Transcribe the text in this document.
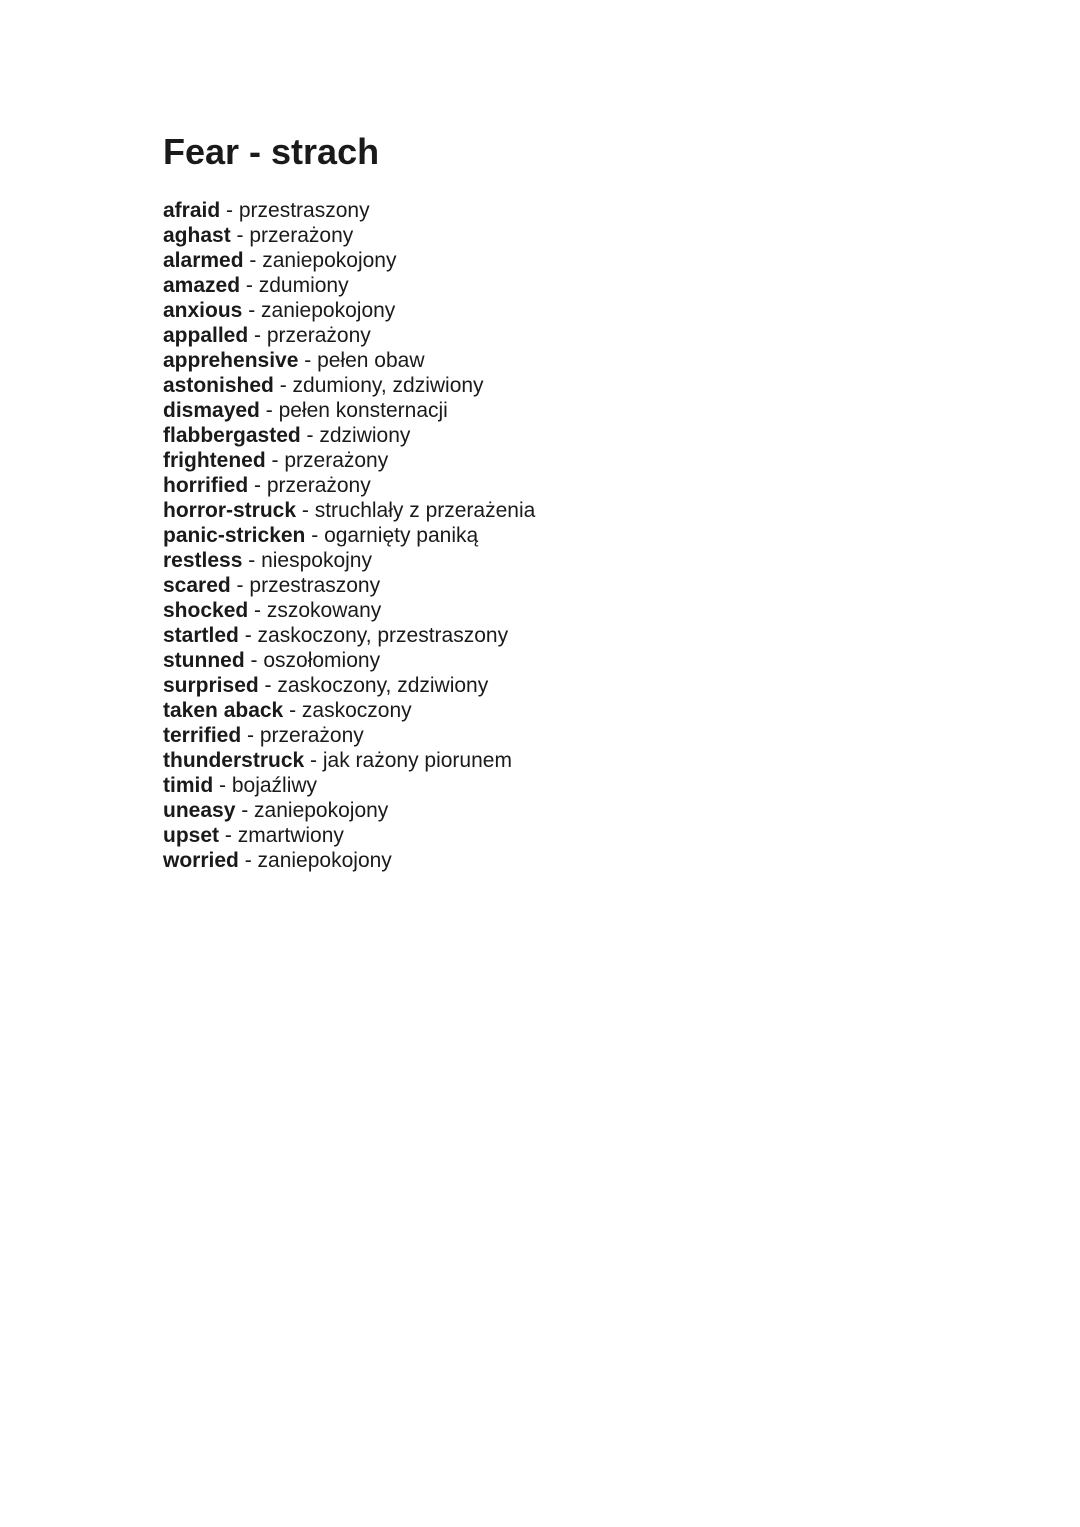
Fear - strach
afraid - przestraszony
aghast - przerażony
alarmed - zaniepokojony
amazed - zdumiony
anxious - zaniepokojony
appalled - przerażony
apprehensive - pełen obaw
astonished - zdumiony, zdziwiony
dismayed - pełen konsternacji
flabbergasted - zdziwiony
frightened - przerażony
horrified - przerażony
horror-struck - struchlały z przerażenia
panic-stricken - ogarnięty paniką
restless - niespokojny
scared - przestraszony
shocked - zszokowany
startled - zaskoczony, przestraszony
stunned - oszołomiony
surprised - zaskoczony, zdziwiony
taken aback - zaskoczony
terrified - przerażony
thunderstruck - jak rażony piorunem
timid - bojaźliwy
uneasy - zaniepokojony
upset - zmartwiony
worried - zaniepokojony
